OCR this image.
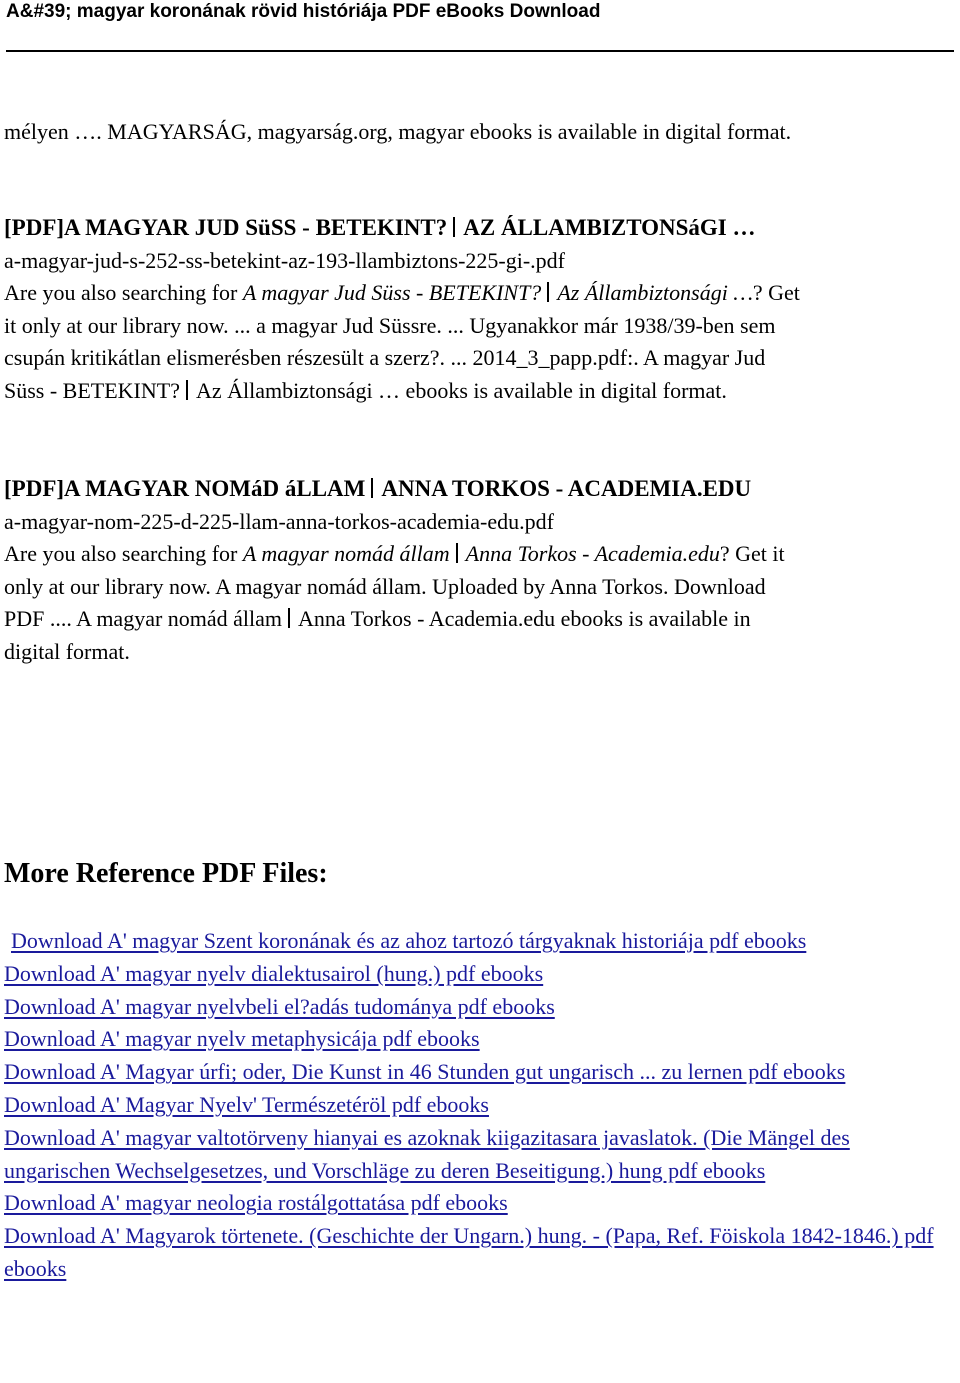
A&#39; magyar koronának rövid históriája PDF eBooks Download
mélyen …. MAGYARSÁG, magyarság.org, magyar ebooks is available in digital format.
[PDF]A MAGYAR JUD SüSS - BETEKINT? AZ ÁLLAMBIZTONSáGI …
a-magyar-jud-s-252-ss-betekint-az-193-llambiztons-225-gi-.pdf
Are you also searching for A magyar Jud Süss - BETEKINT? Az Állambiztonsági …? Get
it only at our library now. ... a magyar Jud Süssre. ... Ugyanakkor már 1938/39-ben sem
csupán kritikátlan elismerésben részesült a szerz?. ... 2014_3_papp.pdf:. A magyar Jud
Süss - BETEKINT? Az Állambiztonsági … ebooks is available in digital format.
[PDF]A MAGYAR NOMáD áLLAM ANNA TORKOS - ACADEMIA.EDU
a-magyar-nom-225-d-225-llam-anna-torkos-academia-edu.pdf
Are you also searching for A magyar nomád állam Anna Torkos - Academia.edu? Get it
only at our library now. A magyar nomád állam. Uploaded by Anna Torkos. Download
PDF .... A magyar nomád állam Anna Torkos - Academia.edu ebooks is available in
digital format.
More Reference PDF Files:
Download A' magyar Szent koronának és az ahoz tartozó tárgyaknak historiája pdf ebooks
Download A' magyar nyelv dialektusairol (hung.) pdf ebooks
Download A' magyar nyelvbeli el?adás tudománya pdf ebooks
Download A' magyar nyelv metaphysicája pdf ebooks
Download A' Magyar úrfi; oder, Die Kunst in 46 Stunden gut ungarisch ... zu lernen pdf ebooks
Download A' Magyar Nyelv' Természetéröl pdf ebooks
Download A' magyar valtotörveny hianyai es azoknak kiigazitasara javaslatok. (Die Mängel des ungarischen Wechselgesetzes, und Vorschläge zu deren Beseitigung.) hung pdf ebooks
Download A' magyar neologia rostálgottatása pdf ebooks
Download A' Magyarok törtenete. (Geschichte der Ungarn.) hung. - (Papa, Ref. Föiskola 1842-1846.) pdf ebooks
